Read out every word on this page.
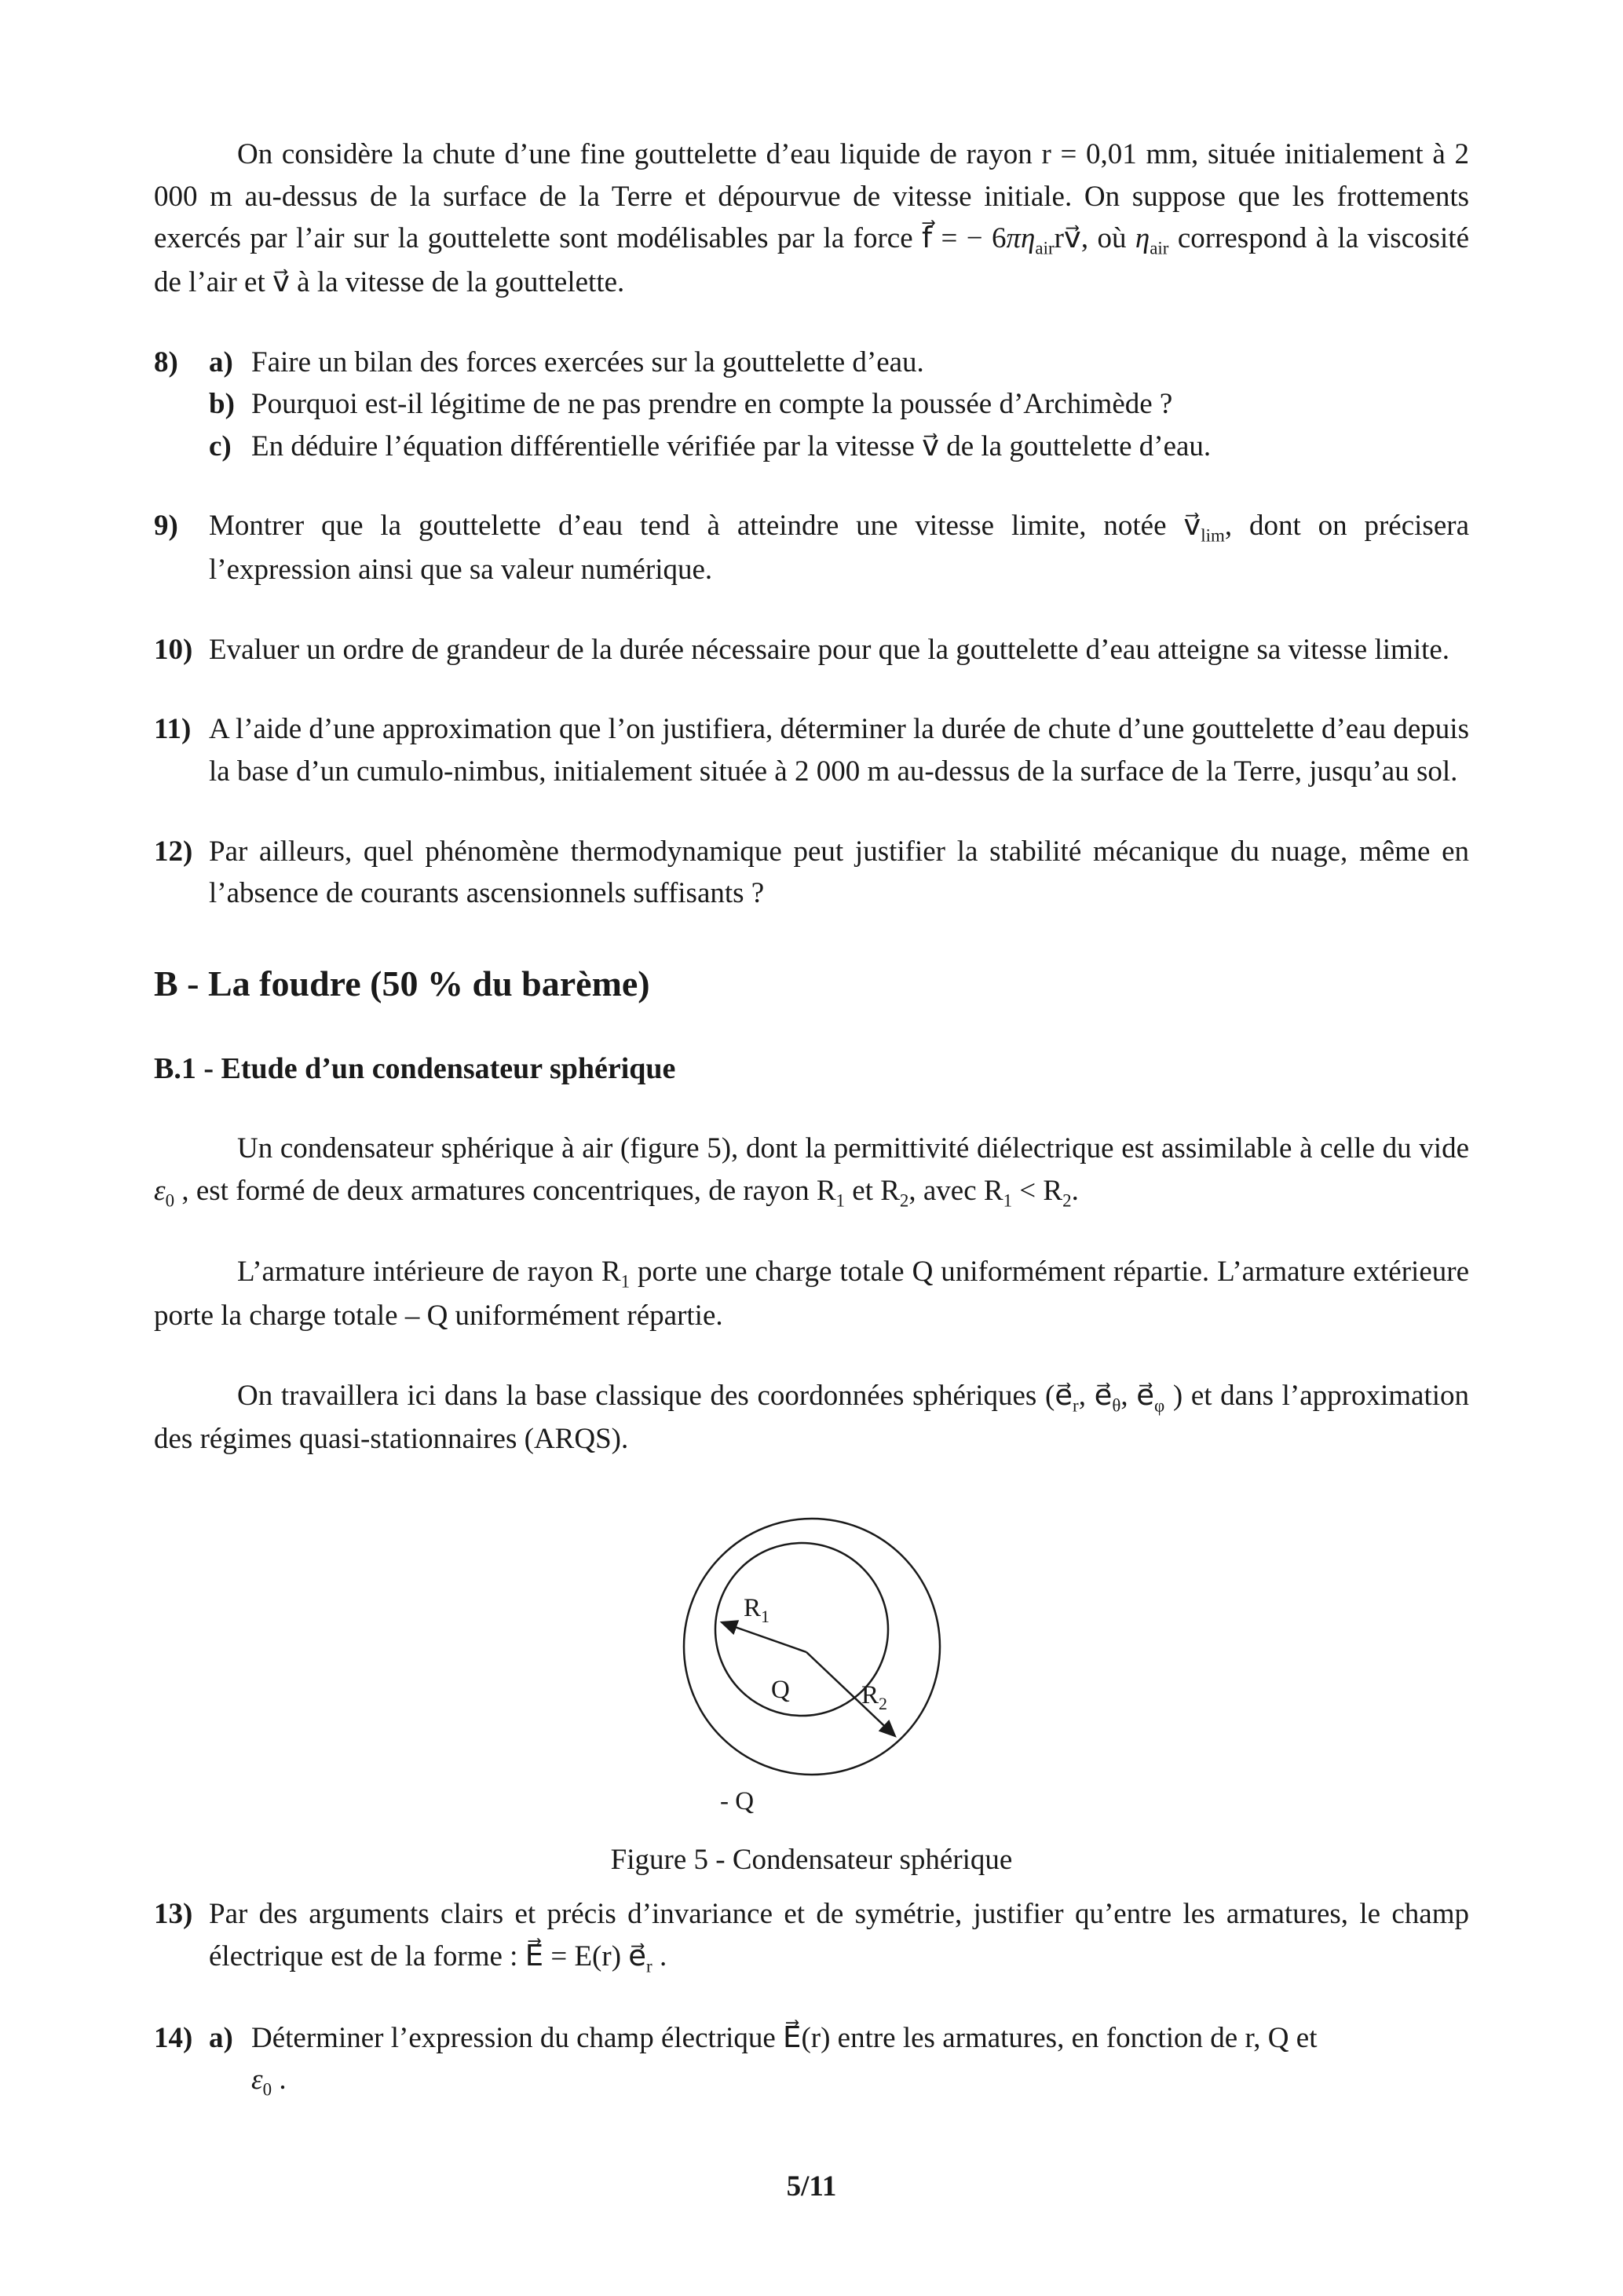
On considère la chute d’une fine gouttelette d’eau liquide de rayon r = 0,01 mm, située initialement à 2 000 m au-dessus de la surface de la Terre et dépourvue de vitesse initiale. On suppose que les frottements exercés par l’air sur la gouttelette sont modélisables par la force f⃗ = − $6\pi\eta_{air}rv⃗$, où $\eta_{air}$ correspond à la viscosité de l’air et v⃗ à la vitesse de la gouttelette.

8)	a) Faire un bilan des forces exercées sur la gouttelette d’eau.
b) Pourquoi est-il légitime de ne pas prendre en compte la poussée d’Archimède ?
c) En déduire l’équation différentielle vérifiée par la vitesse v⃗ de la gouttelette d’eau.
9)	Montrer que la gouttelette d’eau tend à atteindre une vitesse limite, notée $v⃗_{lim}$, dont on précisera l’expression ainsi que sa valeur numérique.
10) Evaluer un ordre de grandeur de la durée nécessaire pour que la gouttelette d’eau atteigne sa vitesse limite.
11) A l’aide d’une approximation que l’on justifiera, déterminer la durée de chute d’une gouttelette d’eau depuis la base d’un cumulo-nimbus, initialement située à 2 000 m au-dessus de la surface de la Terre, jusqu’au sol.
12) Par ailleurs, quel phénomène thermodynamique peut justifier la stabilité mécanique du nuage, même en l’absence de courants ascensionnels suffisants ?
B - La foudre (50 % du barème)
B.1 - Etude d’un condensateur sphérique

Un condensateur sphérique à air (figure 5), dont la permittivité diélectrique est assimilable à celle du vide $\varepsilon_0$ , est formé de deux armatures concentriques, de rayon $R_1$ et $R_2$, avec $R_1 < R_2$.

L’armature intérieure de rayon $R_1$ porte une charge totale Q uniformément répartie. L’armature extérieure porte la charge totale – Q uniformément répartie.

On travaillera ici dans la base classique des coordonnées sphériques ($e⃗_r$, $e⃗_\theta$, $e⃗_\varphi$ ) et dans l’approximation des régimes quasi-stationnaires (ARQS).

$R_1$
Q	$R_2$
- Q
Figure 5 - Condensateur sphérique
13) Par des arguments clairs et précis d’invariance et de symétrie, justifier qu’entre les armatures, le champ électrique est de la forme : E⃗ = E(r) $e⃗_r$ .
14) a) Déterminer l’expression du champ électrique E⃗(r) entre les armatures, en fonction de r, Q et
$\varepsilon_0$ .
5/11
